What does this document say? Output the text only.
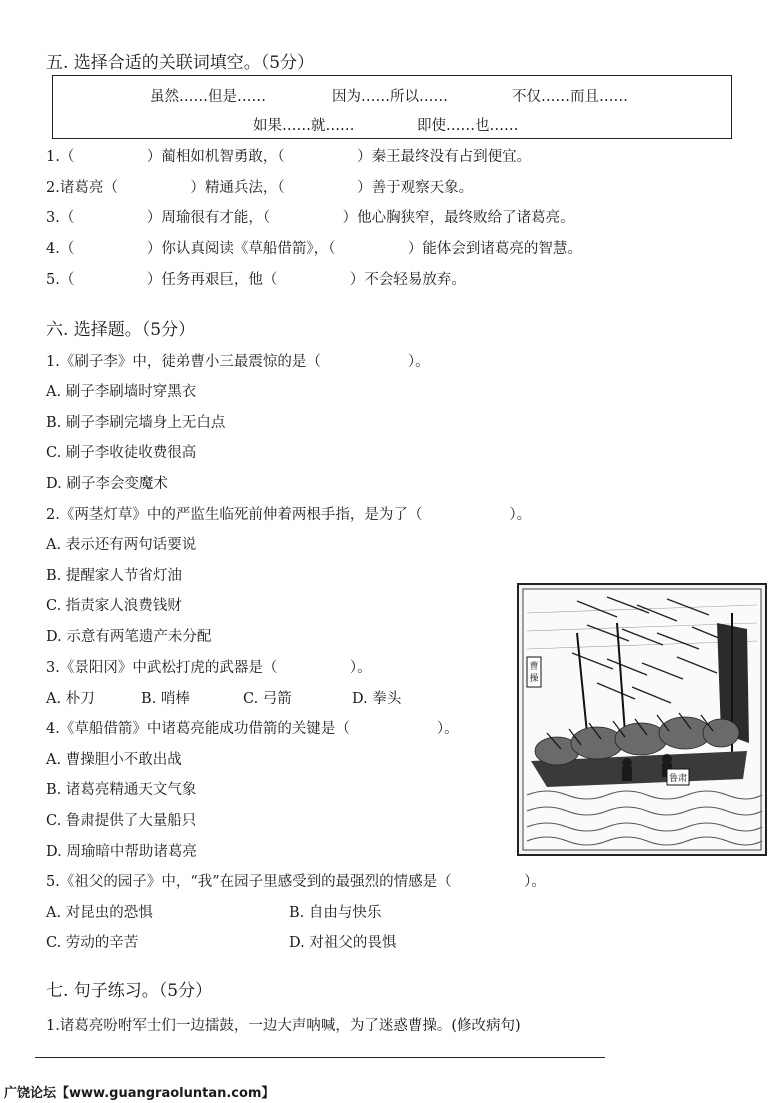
五. 选择合适的关联词填空。（5分）
虽然……但是……	因为……所以……	不仅……而且……
如果……就……	即使……也……
1.（　　　　　）蔺相如机智勇敢，（　　　　　）秦王最终没有占到便宜。
2.诸葛亮（　　　　　）精通兵法，（　　　　　）善于观察天象。
3.（　　　　　）周瑜很有才能，（　　　　　）他心胸狭窄，最终败给了诸葛亮。
4.（　　　　　）你认真阅读《草船借箭》，（　　　　　）能体会到诸葛亮的智慧。
5.（　　　　　）任务再艰巨，他（　　　　　）不会轻易放弃。
六. 选择题。（5分）
1.《刷子李》中，徒弟曹小三最震惊的是（　　　　　　）。
A. 刷子李刷墙时穿黑衣
B. 刷子李刷完墙身上无白点
C. 刷子李收徒收费很高
D. 刷子李会变魔术
2.《两茎灯草》中的严监生临死前伸着两根手指，是为了（　　　　　　）。
A. 表示还有两句话要说
B. 提醒家人节省灯油
C. 指责家人浪费钱财
D. 示意有两笔遗产未分配
3.《景阳冈》中武松打虎的武器是（　　　　　）。
A. 朴刀	B. 哨棒	C. 弓箭	D. 拳头
4.《草船借箭》中诸葛亮能成功借箭的关键是（　　　　　　）。
A. 曹操胆小不敢出战
B. 诸葛亮精通天文气象
C. 鲁肃提供了大量船只
D. 周瑜暗中帮助诸葛亮
5.《祖父的园子》中，“我”在园子里感受到的最强烈的情感是（　　　　　）。
A. 对昆虫的恐惧	B. 自由与快乐
C. 劳动的辛苦	D. 对祖父的畏惧
七. 句子练习。（5分）
1.诸葛亮吩咐军士们一边擂鼓，一边大声呐喊，为了迷惑曹操。(修改病句)
广饶论坛【www.guangraoluntan.com】
曹
操
鲁肃
